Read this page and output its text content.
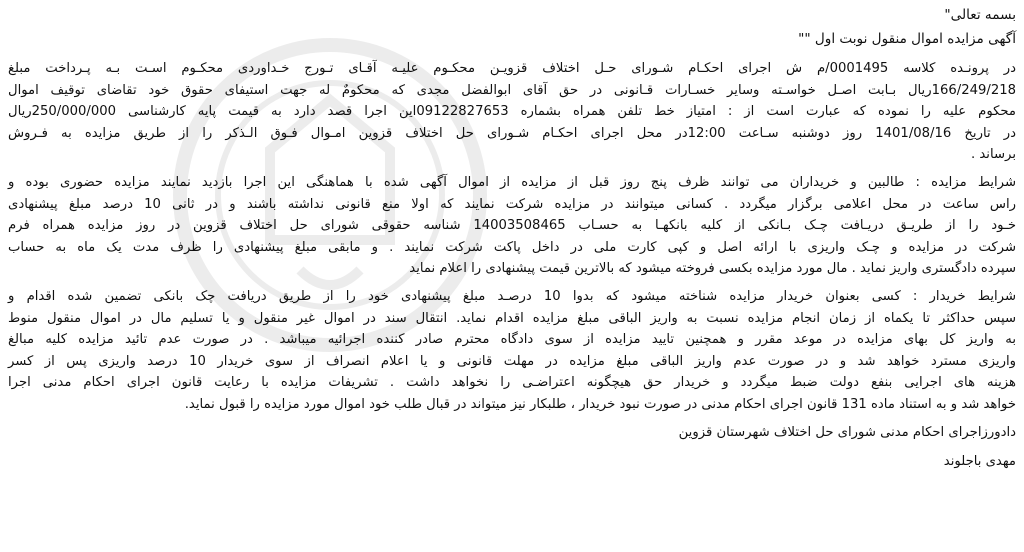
بسمه تعالی"
آگهی مزایده اموال منقول نوبت اول ""
در پرونـده کلاسه 0001495/م ش اجرای احکـام شـورای حـل اختلاف قزویـن محکـوم علیـه آقـای تـورج خـداوردی محکـوم اسـت بـه پـرداخت مبلغ
166/249/218ریال بـابت اصـل خواسـته وسایر خسـارات قـانونی در حق آقای ابوالفضل مجدی که محکومٌ له جهت استیفای حقوق خود تقاضای توقیف اموال
محکوم علیه را نموده که عبارت است از : امتیاز خط تلفن همراه بشماره 09122827653این اجرا قصد دارد به قیمت پایه کارشناسی 250/000/000ریال
در تاریخ 1401/08/16 روز دوشنبه سـاعت 12:00در محل اجرای احکـام شـورای حل اختلاف قزوین امـوال فـوق الـذکر را از طریق مزایده به فـروش
برساند .
شرایط مزایده : طالبین و خریداران می توانند ظرف پنج روز قبل از مزایده از اموال آگهی شده با هماهنگی این اجرا بازدید نمایند مزایده حضوری بوده و
راس ساعت در محل اعلامی برگزار میگردد . کسانی میتوانند در مزایده شرکت نمایند که اولا منع قانونی نداشته باشند و در ثانی 10 درصد مبلغ پیشنهادی
خـود را از طریـق دریـافت چـک بـانکی از کلیه بانکهـا به حسـاب 14003508465 شناسه حقوقی شورای حل اختلاف قزوین در روز مزایده همراه فرم
شرکت در مزایده و چـک واریزی با ارائه اصل و کپی کارت ملی در داخل پاکت شرکت نمایند . و مابقی مبلغ پیشنهادی را ظرف مدت یک ماه به حساب
سپرده دادگستری واریز نماید . مال مورد مزایده بکسی فروخته میشود که بالاترین قیمت پیشنهادی را اعلام نماید
شرایط خریدار : کسی بعنوان خریدار مزایده شناخته میشود که بدوا 10 درصـد مبلغ پیشنهادی خود را از طریق دریافت چک بانکی تضمین شده اقدام و
سپس حداکثر تا یکماه از زمان انجام مزایده نسبت به واریز الباقی مبلغ مزایده اقدام نماید. انتقال سند در اموال غیر منقول و یا تسلیم مال در اموال منقول منوط
به واریز کل بهای مزایده در موعد مقرر و همچنین تایید مزایده از سوی دادگاه محترم صادر کننده اجرائیه میباشد . در صورت عدم تائید مزایده کلیه مبالغ
واریزی مسترد خواهد شد و در صورت عدم واریز الباقی مبلغ مزایده در مهلت قانونی و یا اعلام انصراف از سوی خریدار 10 درصد واریزی پس از کسر
هزینه های اجرایی بنفع دولت ضبط میگردد و خریدار حق هیچگونه اعتراضـی را نخواهد داشت . تشریفات مزایده با رعایت قانون اجرای احکام مدنی اجرا
خواهد شد و به استناد ماده 131 قانون اجرای احکام مدنی در صورت نبود خریدار ، طلبکار نیز میتواند در قبال طلب خود اموال مورد مزایده را قبول نماید.
دادورزاجرای احکام مدنی شورای حل اختلاف شهرستان قزوین
مهدی باجلوند
